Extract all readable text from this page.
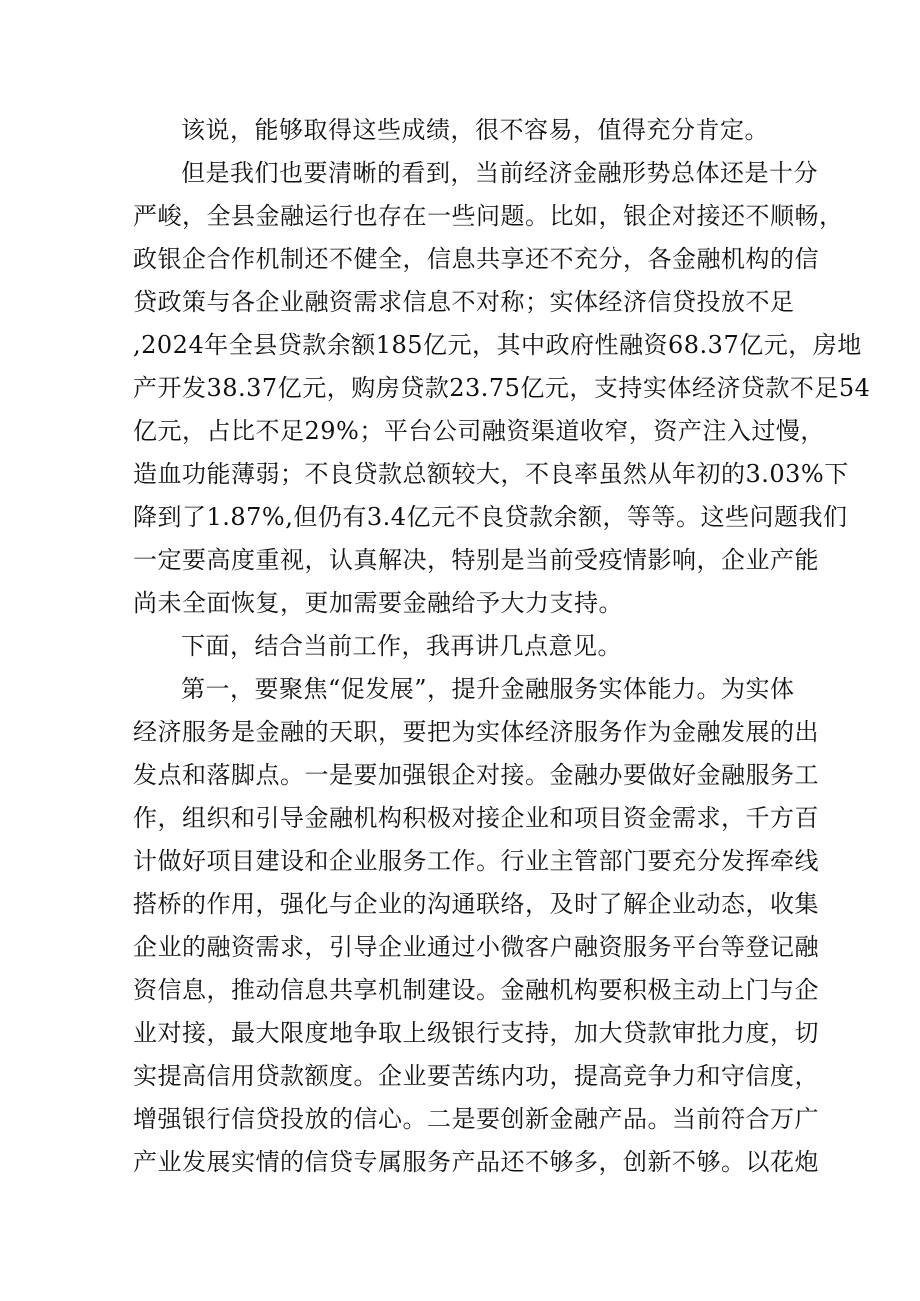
该说，能够取得这些成绩，很不容易，值得充分肯定。
但是我们也要清晰的看到，当前经济金融形势总体还是十分
严峻，全县金融运行也存在一些问题。比如，银企对接还不顺畅，
政银企合作机制还不健全，信息共享还不充分，各金融机构的信
贷政策与各企业融资需求信息不对称；实体经济信贷投放不足
,2024年全县贷款余额185亿元，其中政府性融资68.37亿元，房地
产开发38.37亿元，购房贷款23.75亿元，支持实体经济贷款不足54
亿元，占比不足29%；平台公司融资渠道收窄，资产注入过慢，
造血功能薄弱；不良贷款总额较大，不良率虽然从年初的3.03%下
降到了1.87%,但仍有3.4亿元不良贷款余额，等等。这些问题我们
一定要高度重视，认真解决，特别是当前受疫情影响，企业产能
尚未全面恢复，更加需要金融给予大力支持。
下面，结合当前工作，我再讲几点意见。
第一，要聚焦“促发展”，提升金融服务实体能力。为实体
经济服务是金融的天职，要把为实体经济服务作为金融发展的出
发点和落脚点。一是要加强银企对接。金融办要做好金融服务工
作，组织和引导金融机构积极对接企业和项目资金需求，千方百
计做好项目建设和企业服务工作。行业主管部门要充分发挥牵线
搭桥的作用，强化与企业的沟通联络，及时了解企业动态，收集
企业的融资需求，引导企业通过小微客户融资服务平台等登记融
资信息，推动信息共享机制建设。金融机构要积极主动上门与企
业对接，最大限度地争取上级银行支持，加大贷款审批力度，切
实提高信用贷款额度。企业要苦练内功，提高竞争力和守信度，
增强银行信贷投放的信心。二是要创新金融产品。当前符合万广
产业发展实情的信贷专属服务产品还不够多，创新不够。以花炮
